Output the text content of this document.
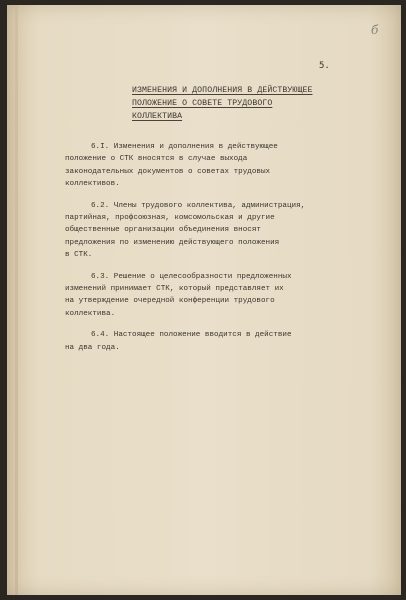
б
5.
ИЗМЕНЕНИЯ И ДОПОЛНЕНИЯ В ДЕЙСТВУЮЩЕЕ
ПОЛОЖЕНИЕ О СОВЕТЕ ТРУДОВОГО
КОЛЛЕКТИВА

6.I. Изменения и дополнения в действующее
положение о СТК вносятся в случае выхода
законодательных документов о советах трудовых
коллективов.

6.2. Члены трудового коллектива, администрация,
партийная, профсоюзная, комсомольская и другие
общественные организации объединения вносят
предложения по изменению действующего положения
в СТК.

6.3. Решение о целесообразности предложенных
изменений принимает СТК, который представляет их
на утверждение очередной конференции трудового
коллектива.

6.4. Настоящее положение вводится в действие
на два года.
